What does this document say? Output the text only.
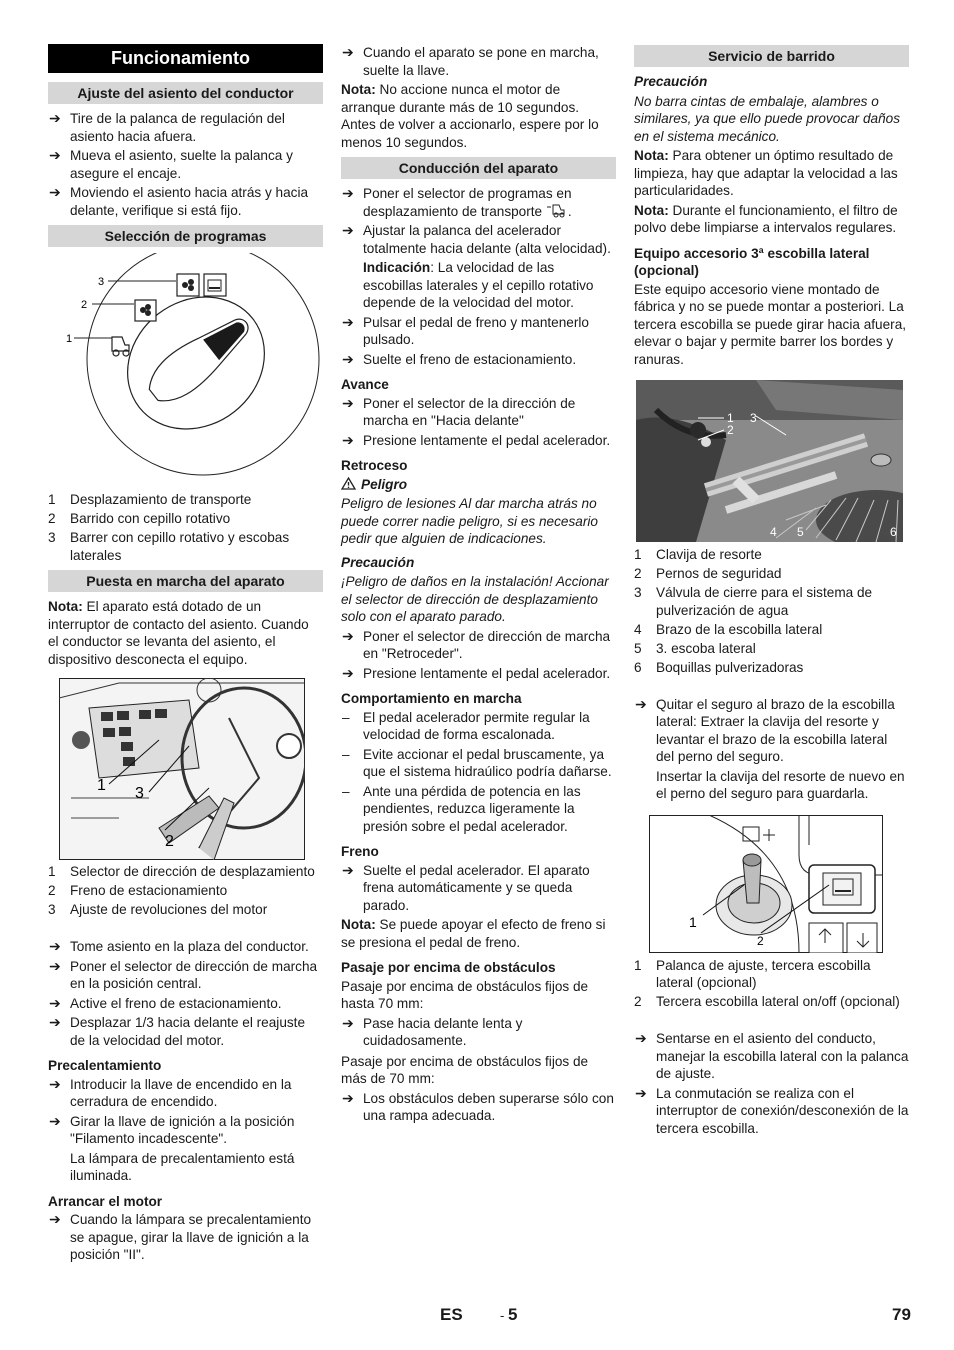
Funcionamiento
Ajuste del asiento del conductor
➔ Tire de la palanca de regulación del asiento hacia afuera.
➔ Mueva el asiento, suelte la palanca y asegure el encaje.
➔ Moviendo el asiento hacia atrás y hacia delante, verifique si está fijo.
Selección de programas
3
2
1
1 Desplazamiento de transporte
2 Barrido con cepillo rotativo
3 Barrer con cepillo rotativo y escobas laterales
Puesta en marcha del aparato

Nota: El aparato está dotado de un interruptor de contacto del asiento. Cuando el conductor se levanta del asiento, el dispositivo desconecta el equipo.

1 3
2
1 Selector de dirección de desplazamiento
2 Freno de estacionamiento
3 Ajuste de revoluciones del motor
➔ Tome asiento en la plaza del conductor.
➔ Poner el selector de dirección de marcha en la posición central.
➔ Active el freno de estacionamiento.
➔ Desplazar 1/3 hacia delante el reajuste de la velocidad del motor.
Precalentamiento
➔ Introducir la llave de encendido en la cerradura de encendido.
➔ Girar la llave de ignición a la posición "Filamento incadescente".
La lámpara de precalentamiento está iluminada.
Arrancar el motor
➔ Cuando la lámpara se precalentamiento se apague, girar la llave de ignición a la posición "II".
➔ Cuando el aparato se pone en marcha, suelte la llave.

Nota: No accione nunca el motor de arranque durante más de 10 segundos. Antes de volver a accionarlo, espere por lo menos 10 segundos.

Conducción del aparato
➔ Poner el selector de programas en desplazamiento de transporte .
➔ Ajustar la palanca del acelerador totalmente hacia delante (alta velocidad).
Indicación: La velocidad de las escobillas laterales y el cepillo rotativo depende de la velocidad del motor.
➔ Pulsar el pedal de freno y mantenerlo pulsado.
➔ Suelte el freno de estacionamiento.
Avance
➔ Poner el selector de la dirección de marcha en "Hacia delante"
➔ Presione lentamente el pedal acelerador.
Retroceso
Peligro

Peligro de lesiones Al dar marcha atrás no puede correr nadie peligro, si es necesario pedir que alguien de indicaciones.

Precaución

¡Peligro de daños en la instalación! Accionar el selector de dirección de desplazamiento solo con el aparato parado.

➔ Poner el selector de dirección de marcha en "Retroceder".
➔ Presione lentamente el pedal acelerador.
Comportamiento en marcha
– El pedal acelerador permite regular la velocidad de forma escalonada.
– Evite accionar el pedal bruscamente, ya que el sistema hidraúlico podría dañarse.
– Ante una pérdida de potencia en las pendientes, reduzca ligeramente la presión sobre el pedal acelerador.
Freno
➔ Suelte el pedal acelerador. El aparato frena automáticamente y se queda parado.

Nota: Se puede apoyar el efecto de freno si se presiona el pedal de freno.

Pasaje por encima de obstáculos

Pasaje por encima de obstáculos fijos de hasta 70 mm:

➔ Pase hacia delante lenta y cuidadosamente.

Pasaje por encima de obstáculos fijos de más de 70 mm:

➔ Los obstáculos deben superarse sólo con una rampa adecuada.
Servicio de barrido
Precaución

No barra cintas de embalaje, alambres o similares, ya que ello puede provocar daños en el sistema mecánico.

Nota: Para obtener un óptimo resultado de limpieza, hay que adaptar la velocidad a las particularidades.

Nota: Durante el funcionamiento, el filtro de polvo debe limpiarse a intervalos regulares.

Equipo accesorio 3ª escobilla lateral (opcional)

Este equipo accesorio viene montado de fábrica y no se puede montar a posteriori. La tercera escobilla se puede girar hacia afuera, elevar o bajar y permite barrer los bordes y ranuras.

1
2
3
4 5	6
1 Clavija de resorte
2 Pernos de seguridad
3 Válvula de cierre para el sistema de pulverización de agua
4 Brazo de la escobilla lateral
5 3. escoba lateral
6 Boquillas pulverizadoras
➔ Quitar el seguro al brazo de la escobilla lateral: Extraer la clavija del resorte y levantar el brazo de la escobilla lateral del perno del seguro.
Insertar la clavija del resorte de nuevo en el perno del seguro para guardarla.
1
2
1 Palanca de ajuste, tercera escobilla lateral (opcional)
2 Tercera escobilla lateral on/off (opcional)
➔ Sentarse en el asiento del conducto, manejar la escobilla lateral con la palanca de ajuste.
➔ La conmutación se realiza con el interruptor de conexión/desconexión de la tercera escobilla.
ES	- 5	79
